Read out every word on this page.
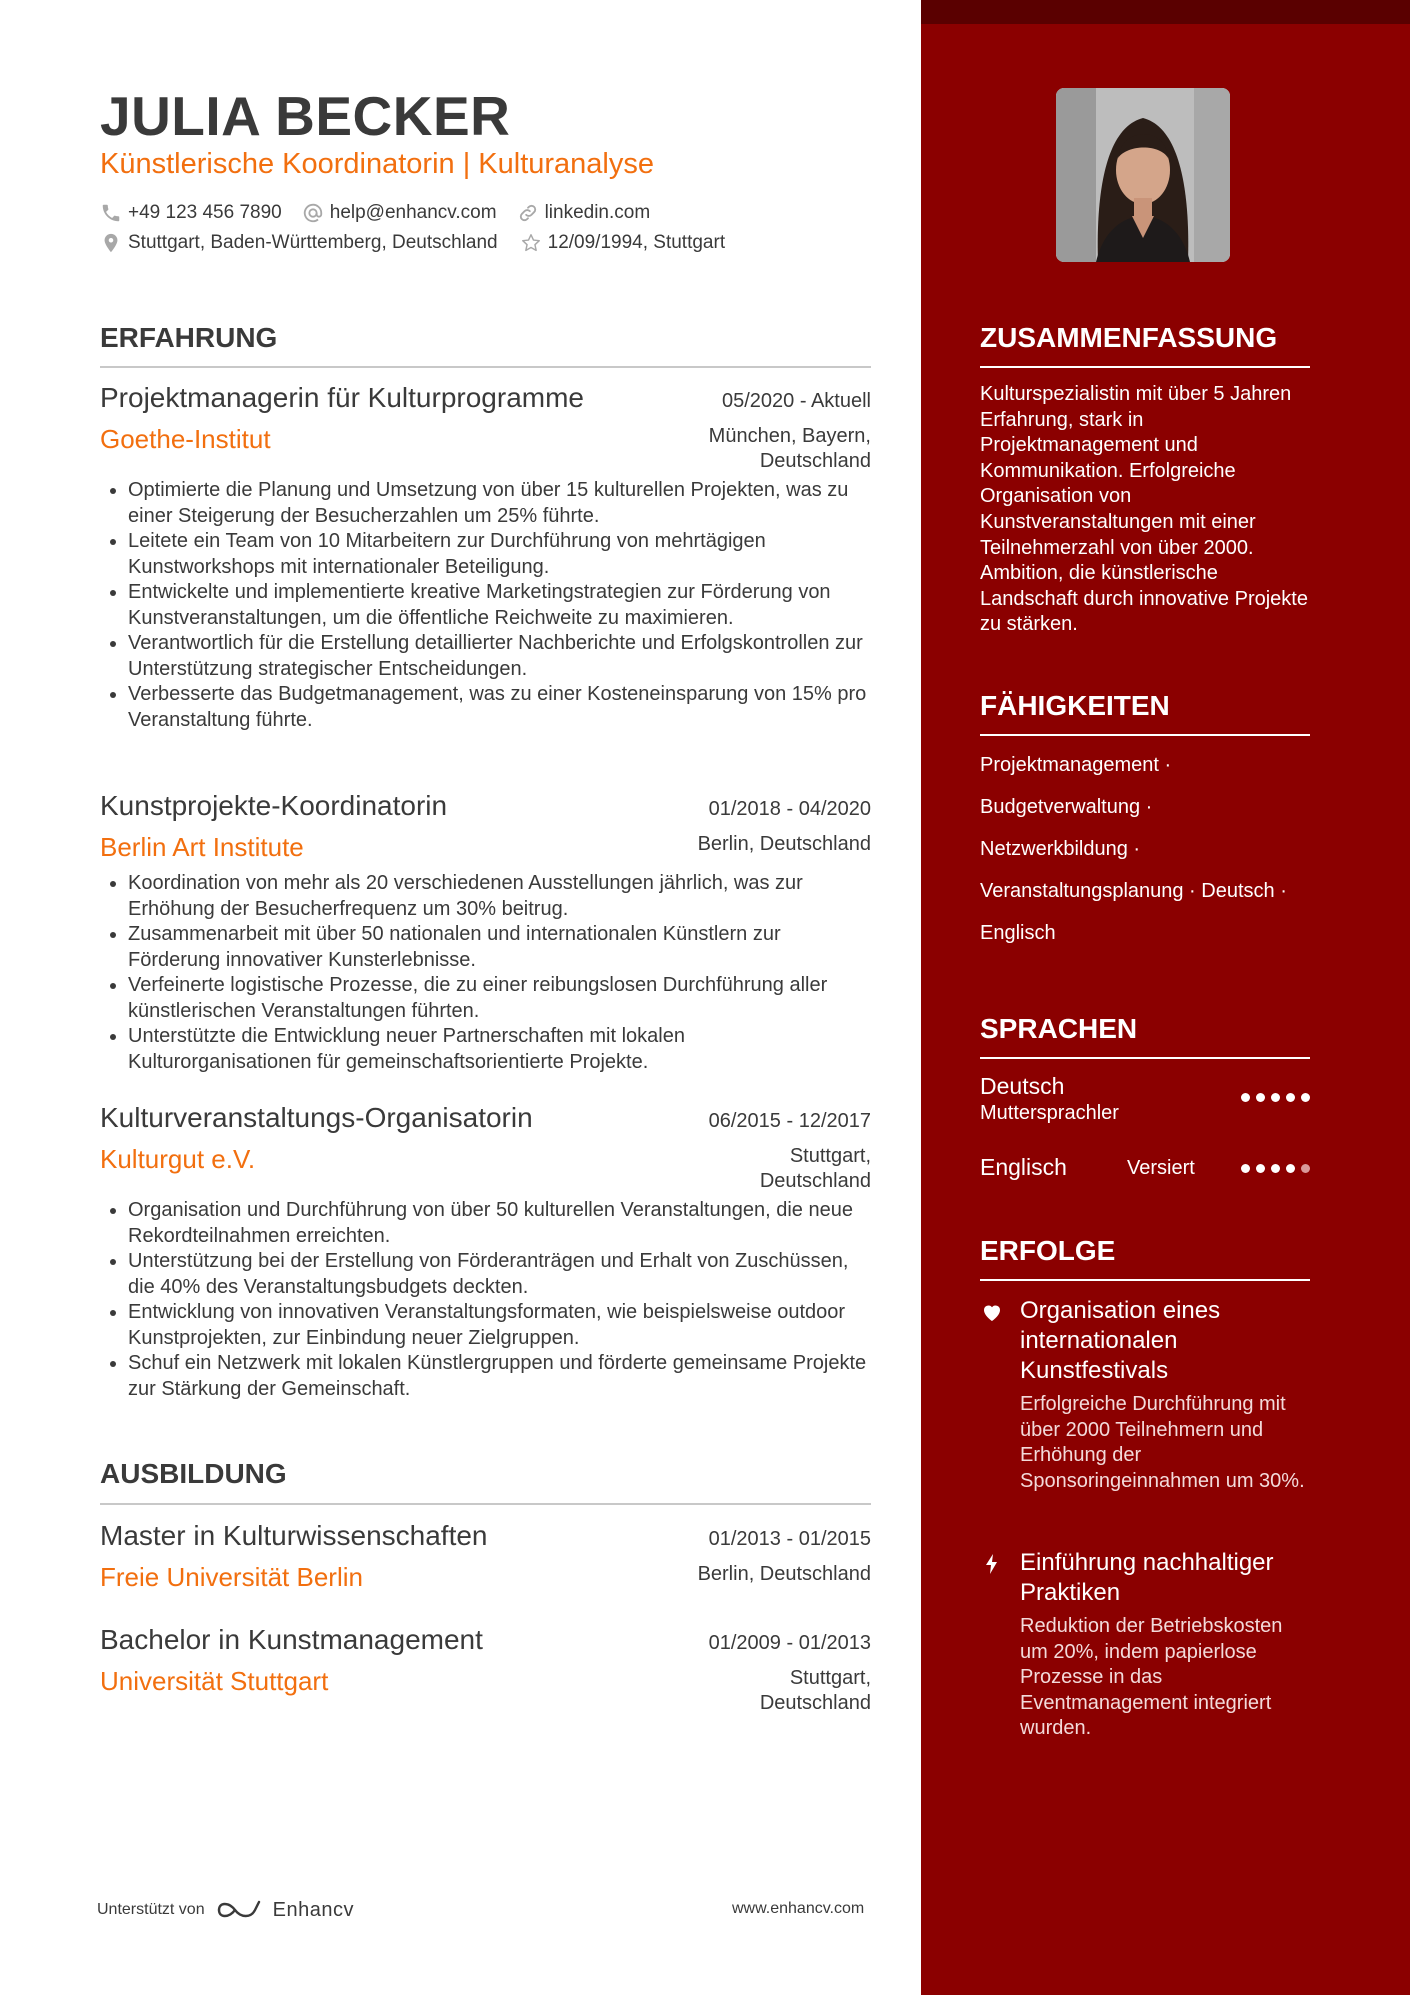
JULIA BECKER
Künstlerische Koordinatorin | Kulturanalyse
+49 123 456 7890	help@enhancv.com	linkedin.com
Stuttgart, Baden-Württemberg, Deutschland	12/09/1994, Stuttgart
ERFAHRUNG
Projektmanagerin für Kulturprogramme	05/2020 - Aktuell
Goethe-Institut	München, Bayern,
Deutschland
• Optimierte die Planung und Umsetzung von über 15 kulturellen Projekten, was zu einer Steigerung der Besucherzahlen um 25% führte.
• Leitete ein Team von 10 Mitarbeitern zur Durchführung von mehrtägigen Kunstworkshops mit internationaler Beteiligung.
• Entwickelte und implementierte kreative Marketingstrategien zur Förderung von Kunstveranstaltungen, um die öffentliche Reichweite zu maximieren.
• Verantwortlich für die Erstellung detaillierter Nachberichte und Erfolgskontrollen zur Unterstützung strategischer Entscheidungen.
• Verbesserte das Budgetmanagement, was zu einer Kosteneinsparung von 15% pro Veranstaltung führte.
Kunstprojekte-Koordinatorin	01/2018 - 04/2020
Berlin Art Institute	Berlin, Deutschland
• Koordination von mehr als 20 verschiedenen Ausstellungen jährlich, was zur Erhöhung der Besucherfrequenz um 30% beitrug.
• Zusammenarbeit mit über 50 nationalen und internationalen Künstlern zur Förderung innovativer Kunsterlebnisse.
• Verfeinerte logistische Prozesse, die zu einer reibungslosen Durchführung aller künstlerischen Veranstaltungen führten.
• Unterstützte die Entwicklung neuer Partnerschaften mit lokalen Kulturorganisationen für gemeinschaftsorientierte Projekte.
Kulturveranstaltungs-Organisatorin	06/2015 - 12/2017
Kulturgut e.V.	Stuttgart,
Deutschland
• Organisation und Durchführung von über 50 kulturellen Veranstaltungen, die neue Rekordteilnahmen erreichten.
• Unterstützung bei der Erstellung von Förderanträgen und Erhalt von Zuschüssen, die 40% des Veranstaltungsbudgets deckten.
• Entwicklung von innovativen Veranstaltungsformaten, wie beispielsweise outdoor Kunstprojekten, zur Einbindung neuer Zielgruppen.
• Schuf ein Netzwerk mit lokalen Künstlergruppen und förderte gemeinsame Projekte zur Stärkung der Gemeinschaft.
AUSBILDUNG
Master in Kulturwissenschaften	01/2013 - 01/2015
Freie Universität Berlin	Berlin, Deutschland
Bachelor in Kunstmanagement	01/2009 - 01/2013
Universität Stuttgart	Stuttgart,
Deutschland
ZUSAMMENFASSUNG

Kulturspezialistin mit über 5 Jahren Erfahrung, stark in Projektmanagement und Kommunikation. Erfolgreiche Organisation von Kunstveranstaltungen mit einer Teilnehmerzahl von über 2000. Ambition, die künstlerische Landschaft durch innovative Projekte zu stärken.

FÄHIGKEITEN
Projektmanagement ·
Budgetverwaltung ·
Netzwerkbildung ·
Veranstaltungsplanung · Deutsch ·
Englisch
SPRACHEN
Deutsch
Muttersprachler
Englisch	Versiert
ERFOLGE
Organisation eines internationalen Kunstfestivals
Erfolgreiche Durchführung mit über 2000 Teilnehmern und Erhöhung der Sponsoringeinnahmen um 30%.
Einführung nachhaltiger Praktiken
Reduktion der Betriebskosten um 20%, indem papierlose Prozesse in das Eventmanagement integriert wurden.
Unterstützt von	Enhancv	www.enhancv.com
